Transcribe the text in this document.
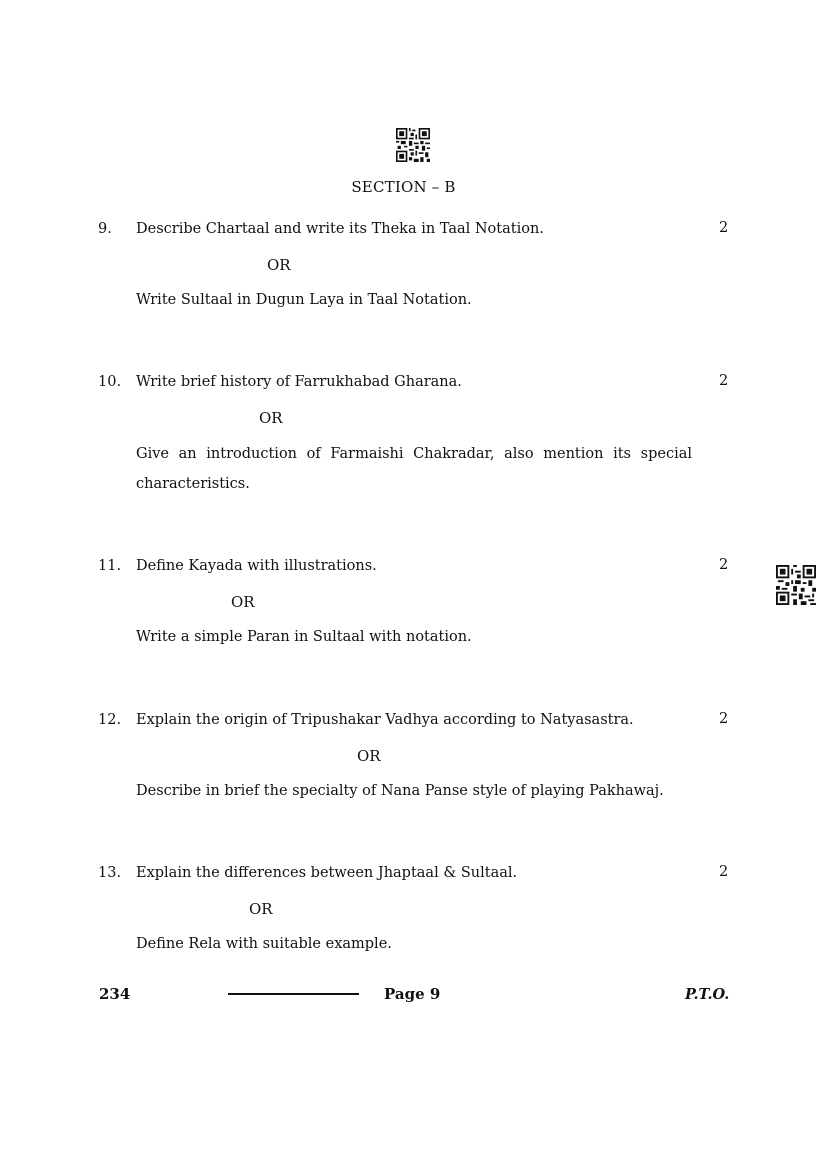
SECTION – B
9. Describe Chartaal and write its Theka in Taal Notation.	2
OR
Write Sultaal in Dugun Laya in Taal Notation.
10. Write brief history of Farrukhabad Gharana.	2
OR
Give an introduction of Farmaishi Chakradar, also mention its special characteristics.
11. Define Kayada with illustrations.	2
OR
Write a simple Paran in Sultaal with notation.
12. Explain the origin of Tripushakar Vadhya according to Natyasastra.	2
OR
Describe in brief the specialty of Nana Panse style of playing Pakhawaj.
13. Explain the differences between Jhaptaal & Sultaal.	2
OR
Define Rela with suitable example.
234	Page 9	P.T.O.
